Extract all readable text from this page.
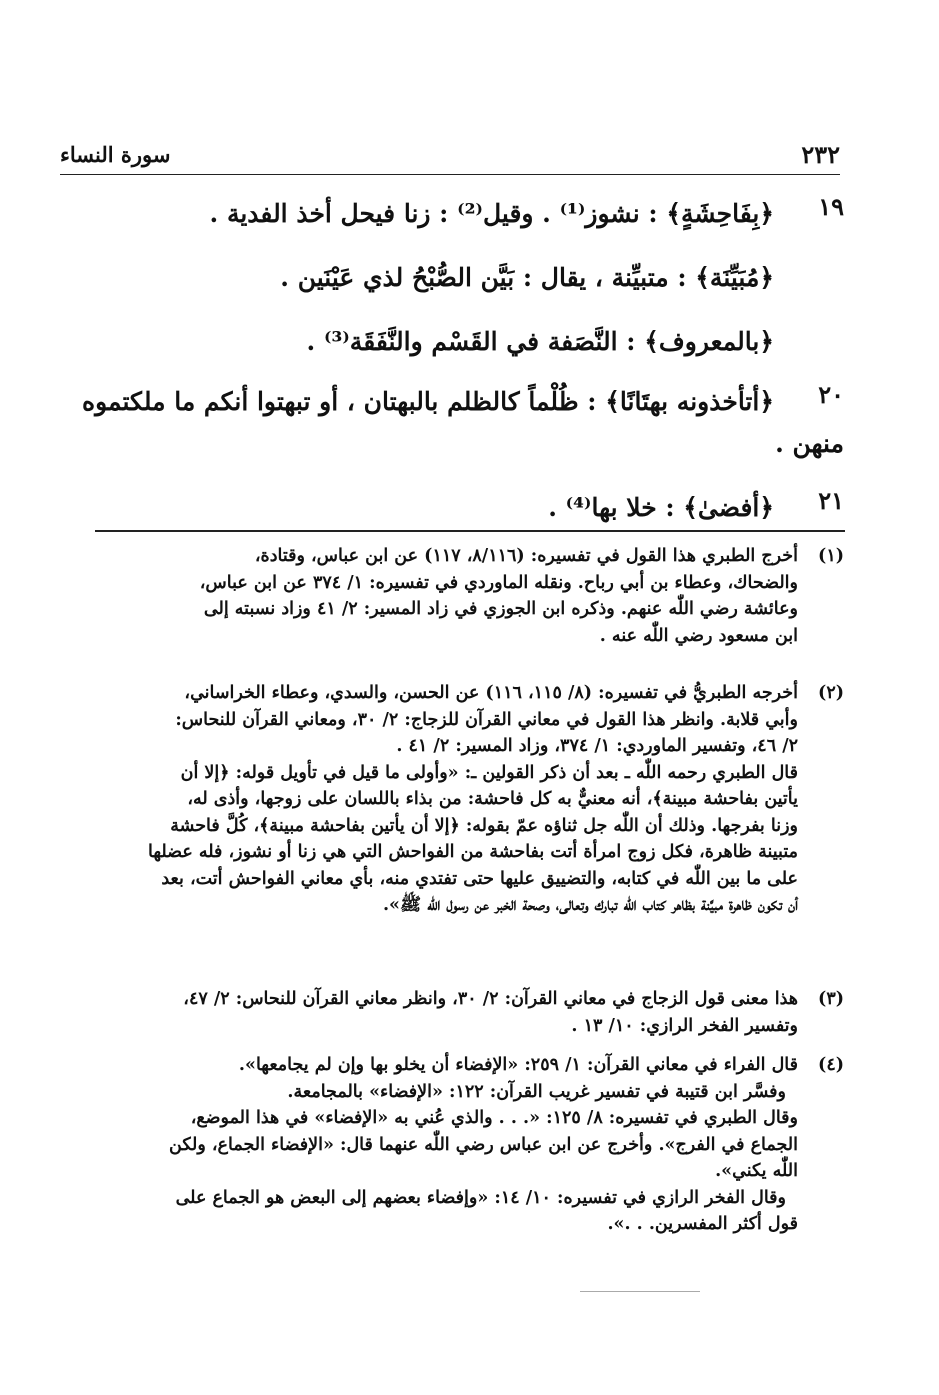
٢٣٢
سورة النساء
١٩
﴿بِفَاحِشَةٍ﴾ : نشوز⁽¹⁾ . وقيل⁽²⁾ : زنا فيحل أخذ الفدية .
﴿مُبَيِّنَة﴾ : متبيِّنة ، يقال : بَيَّن الصُّبْحُ لذي عَيْنَين .
﴿بالمعروف﴾ : النَّصَفة في القَسْم والنَّفَقَة⁽³⁾ .
٢٠
﴿أتأخذونه بهتَانًا﴾ : ظُلْماً كالظلم بالبهتان ، أو تبهتوا أنكم ما ملكتموه
منهن .
٢١
﴿أفضىٰ﴾ : خلا بها⁽⁴⁾ .

(١)أخرج الطبري هذا القول في تفسيره: (٨/١١٦، ١١٧) عن ابن عباس، وقتادة،

والضحاك، وعطاء بن أبي رباح. ونقله الماوردي في تفسيره: ١/ ٣٧٤ عن ابن عباس،

وعائشة رضي اللّٰه عنهم. وذكره ابن الجوزي في زاد المسير: ٢/ ٤١ وزاد نسبته إلى

ابن مسعود رضي اللّٰه عنه .

(٢)أخرجه الطبريُّ في تفسيره: (٨/ ١١٥، ١١٦) عن الحسن، والسدي، وعطاء الخراساني،

وأبي قلابة. وانظر هذا القول في معاني القرآن للزجاج: ٢/ ٣٠، ومعاني القرآن للنحاس:

٢/ ٤٦، وتفسير الماوردي: ١/ ٣٧٤، وزاد المسير: ٢/ ٤١ .

قال الطبري رحمه اللّٰه ـ بعد أن ذكر القولين ـ: «وأولى ما قيل في تأويل قوله: ﴿إلا أن

يأتين بفاحشة مبينة﴾، أنه معنيٌّ به كل فاحشة: من بذاء باللسان على زوجها، وأذى له،

وزنا بفرجها. وذلك أن اللّٰه جل ثناؤه عمّ بقوله: ﴿إلا أن يأتين بفاحشة مبينة﴾، كُلَّ فاحشة

متبينة ظاهرة، فكل زوج امرأة أتت بفاحشة من الفواحش التي هي زنا أو نشوز، فله عضلها

على ما بين اللّٰه في كتابه، والتضييق عليها حتى تفتدي منه، بأي معاني الفواحش أتت، بعد

أن تكون ظاهرة مبيَّنة بظاهر كتاب اللّٰه تبارك وتعالى، وصحة الخبر عن رسول اللّٰه ﷺ».

(٣)هذا معنى قول الزجاج في معاني القرآن: ٢/ ٣٠، وانظر معاني القرآن للنحاس: ٢/ ٤٧،

وتفسير الفخر الرازي: ١٠/ ١٣ .

(٤)قال الفراء في معاني القرآن: ١/ ٢٥٩: «الإفضاء أن يخلو بها وإن لم يجامعها».

وفسَّر ابن قتيبة في تفسير غريب القرآن: ١٢٢: «الإفضاء» بالمجامعة.

وقال الطبري في تفسيره: ٨/ ١٢٥: «. . . والذي عُني به «الإفضاء» في هذا الموضع،

الجماع في الفرج». وأخرج عن ابن عباس رضي اللّٰه عنهما قال: «الإفضاء الجماع، ولكن

اللّٰه يكني».

وقال الفخر الرازي في تفسيره: ١٠/ ١٤: «وإفضاء بعضهم إلى البعض هو الجماع على

قول أكثر المفسرين. . .».
